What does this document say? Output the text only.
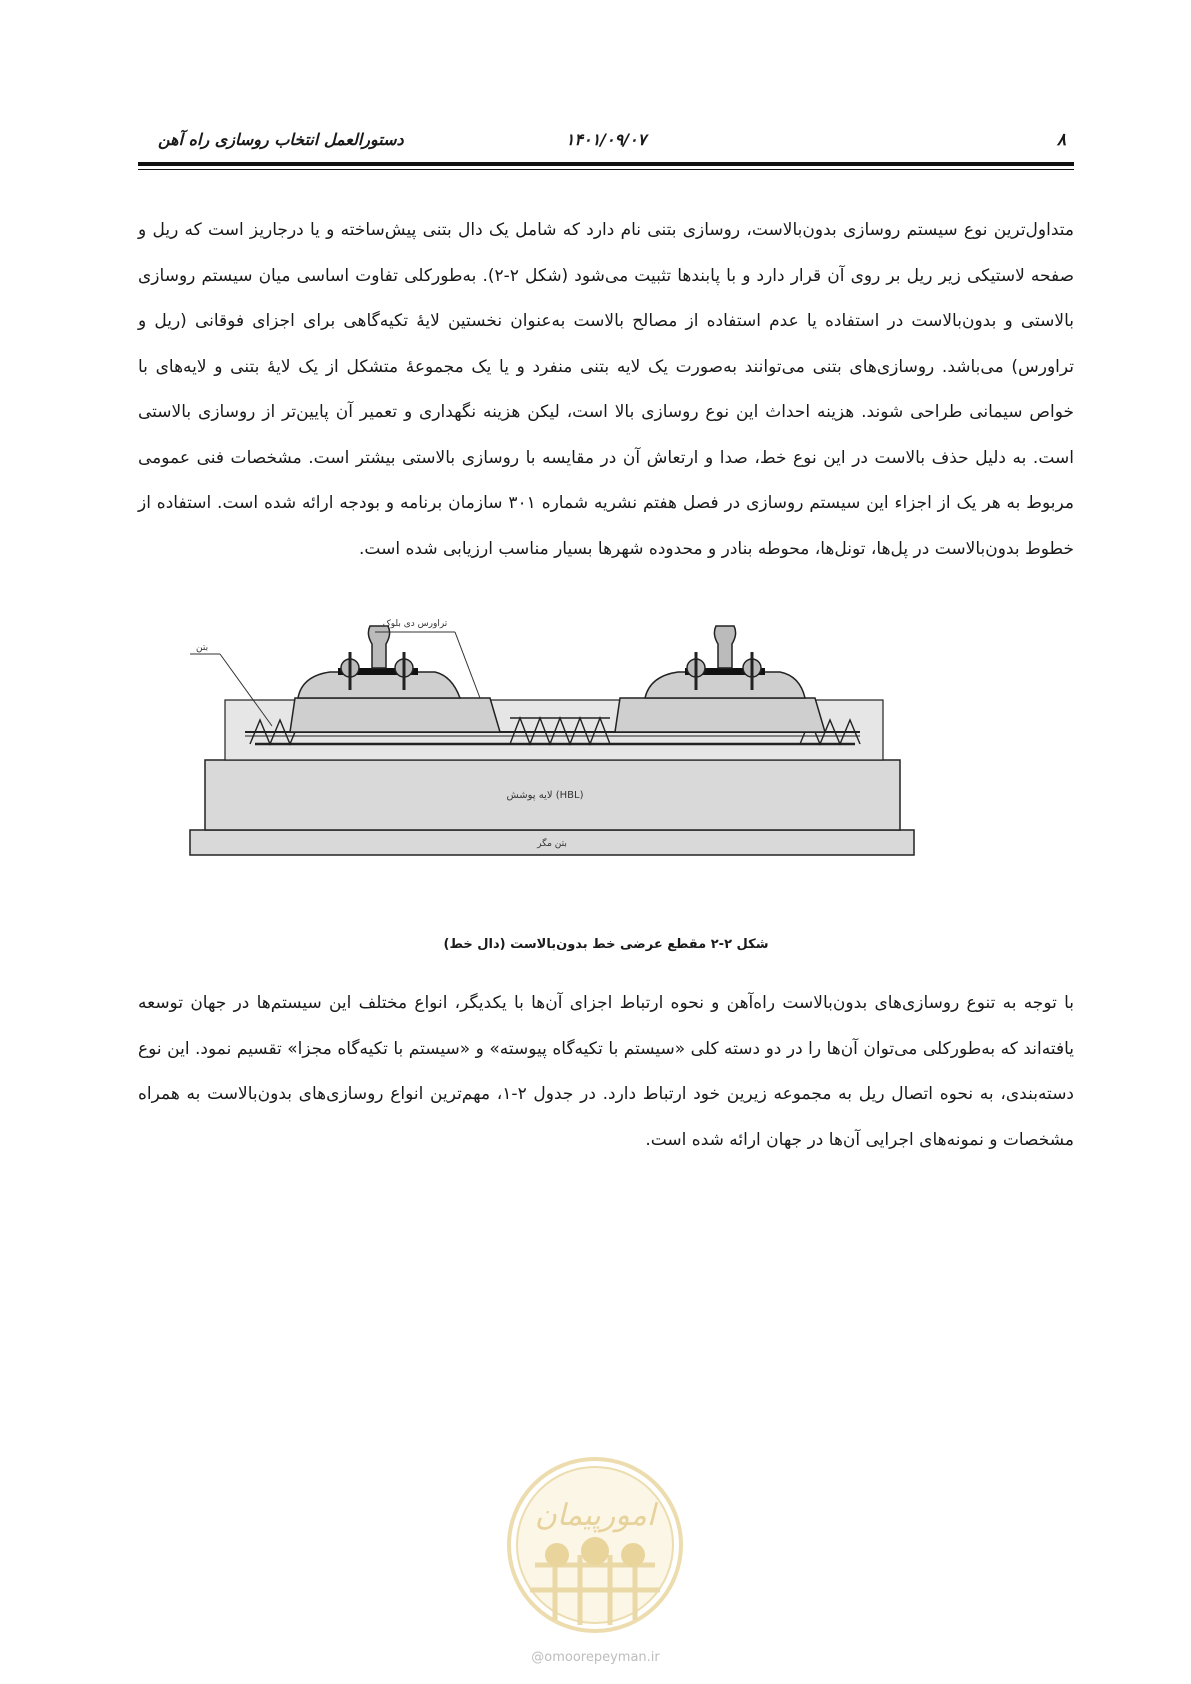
۸
۱۴۰۱/۰۹/۰۷
دستورالعمل انتخاب روسازی راه آهن
متداول‌ترین نوع سیستم روسازی بدون‌بالاست، روسازی بتنی نام دارد که شامل یک دال بتنی پیش‌ساخته و یا درجاریز است که ریل و صفحه لاستیکی زیر ریل بر روی آن قرار دارد و با پابندها تثبیت می‌شود (شکل ۲-۲). به‌طورکلی تفاوت اساسی میان سیستم روسازی بالاستی و بدون‌بالاست در استفاده یا عدم استفاده از مصالح بالاست به‌عنوان نخستین لایهٔ تکیه‌گاهی برای اجزای فوقانی (ریل و تراورس) می‌باشد. روسازی‌های بتنی می‌توانند به‌صورت یک لایه بتنی منفرد و یا یک مجموعهٔ متشکل از یک لایهٔ بتنی و لایه‌های با خواص سیمانی طراحی شوند. هزینه احداث این نوع روسازی بالا است، لیکن هزینه نگهداری و تعمیر آن پایین‌تر از روسازی بالاستی است. به دلیل حذف بالاست در این نوع خط، صدا و ارتعاش آن در مقایسه با روسازی بالاستی بیشتر است. مشخصات فنی عمومی مربوط به هر یک از اجزاء این سیستم روسازی در فصل هفتم نشریه شماره ۳۰۱ سازمان برنامه و بودجه ارائه شده است. استفاده از خطوط بدون‌بالاست در پل‌ها، تونل‌ها، محوطه بنادر و محدوده شهرها بسیار مناسب ارزیابی شده است.
بتن
تراورس دی بلوک
لایه پوشش (HBL)
بتن مگر
شکل ۲-۲ مقطع عرضی خط بدون‌بالاست (دال خط)
با توجه به تنوع روسازی‌های بدون‌بالاست راه‌آهن و نحوه ارتباط اجزای آن‌ها با یکدیگر، انواع مختلف این سیستم‌ها در جهان توسعه یافته‌اند که به‌طورکلی می‌توان آن‌ها را در دو دسته کلی «سیستم با تکیه‌گاه پیوسته» و «سیستم با تکیه‌گاه مجزا» تقسیم نمود. این نوع دسته‌بندی، به نحوه اتصال ریل به مجموعه زیرین خود ارتباط دارد. در جدول ۲-۱، مهم‌ترین انواع روسازی‌های بدون‌بالاست به همراه مشخصات و نمونه‌های اجرایی آن‌ها در جهان ارائه شده است.
امورپیمان
@omoorepeyman.ir
